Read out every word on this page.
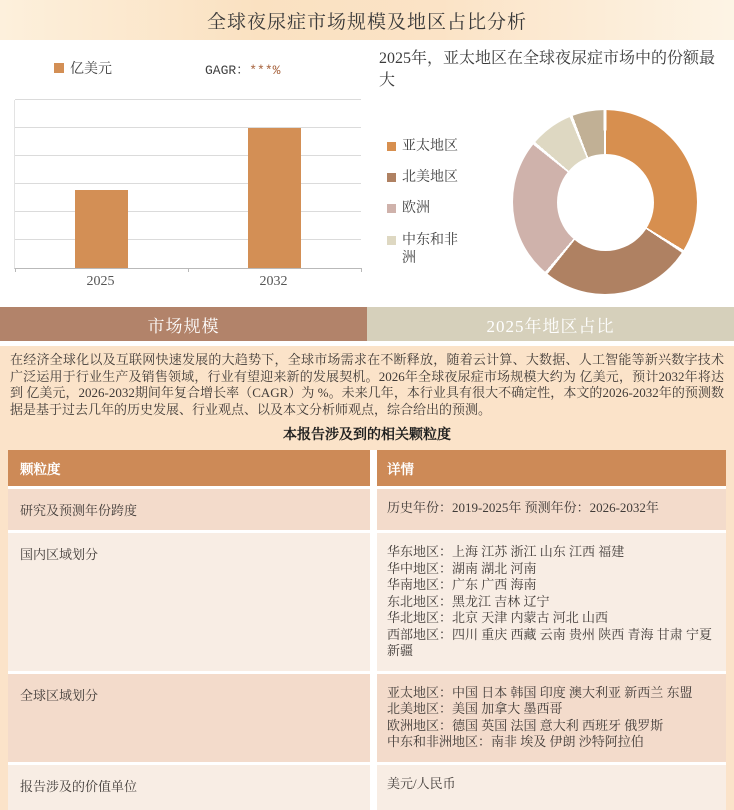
全球夜尿症市场规模及地区占比分析
亿美元	GAGR：***%
2025	2032
2025年，亚太地区在全球夜尿症市场中的份额最大
亚太地区
北美地区
欧洲
中东和非洲
市场规模	2025年地区占比
在经济全球化以及互联网快速发展的大趋势下，全球市场需求在不断释放，随着云计算、大数据、人工智能等新兴数字技术广泛运用于行业生产及销售领域，行业有望迎来新的发展契机。2026年全球夜尿症市场规模大约为 亿美元，预计2032年将达到 亿美元，2026-2032期间年复合增长率（CAGR）为 %。未来几年，本行业具有很大不确定性，本文的2026-2032年的预测数据是基于过去几年的历史发展、行业观点、以及本文分析师观点，综合给出的预测。
本报告涉及到的相关颗粒度
颗粒度	详情
研究及预测年份跨度	历史年份：2019-2025年 预测年份：2026-2032年
国内区域划分	华东地区：上海 江苏 浙江 山东 江西 福建
华中地区：湖南 湖北 河南
华南地区：广东 广西 海南
东北地区：黑龙江 吉林 辽宁
华北地区：北京 天津 内蒙古 河北 山西
西部地区：四川 重庆 西藏 云南 贵州 陕西 青海 甘肃 宁夏 新疆
全球区域划分	亚太地区：中国 日本 韩国 印度 澳大利亚 新西兰 东盟
北美地区：美国 加拿大 墨西哥
欧洲地区：德国 英国 法国 意大利 西班牙 俄罗斯
中东和非洲地区：南非 埃及 伊朗 沙特阿拉伯
报告涉及的价值单位	美元/人民币
